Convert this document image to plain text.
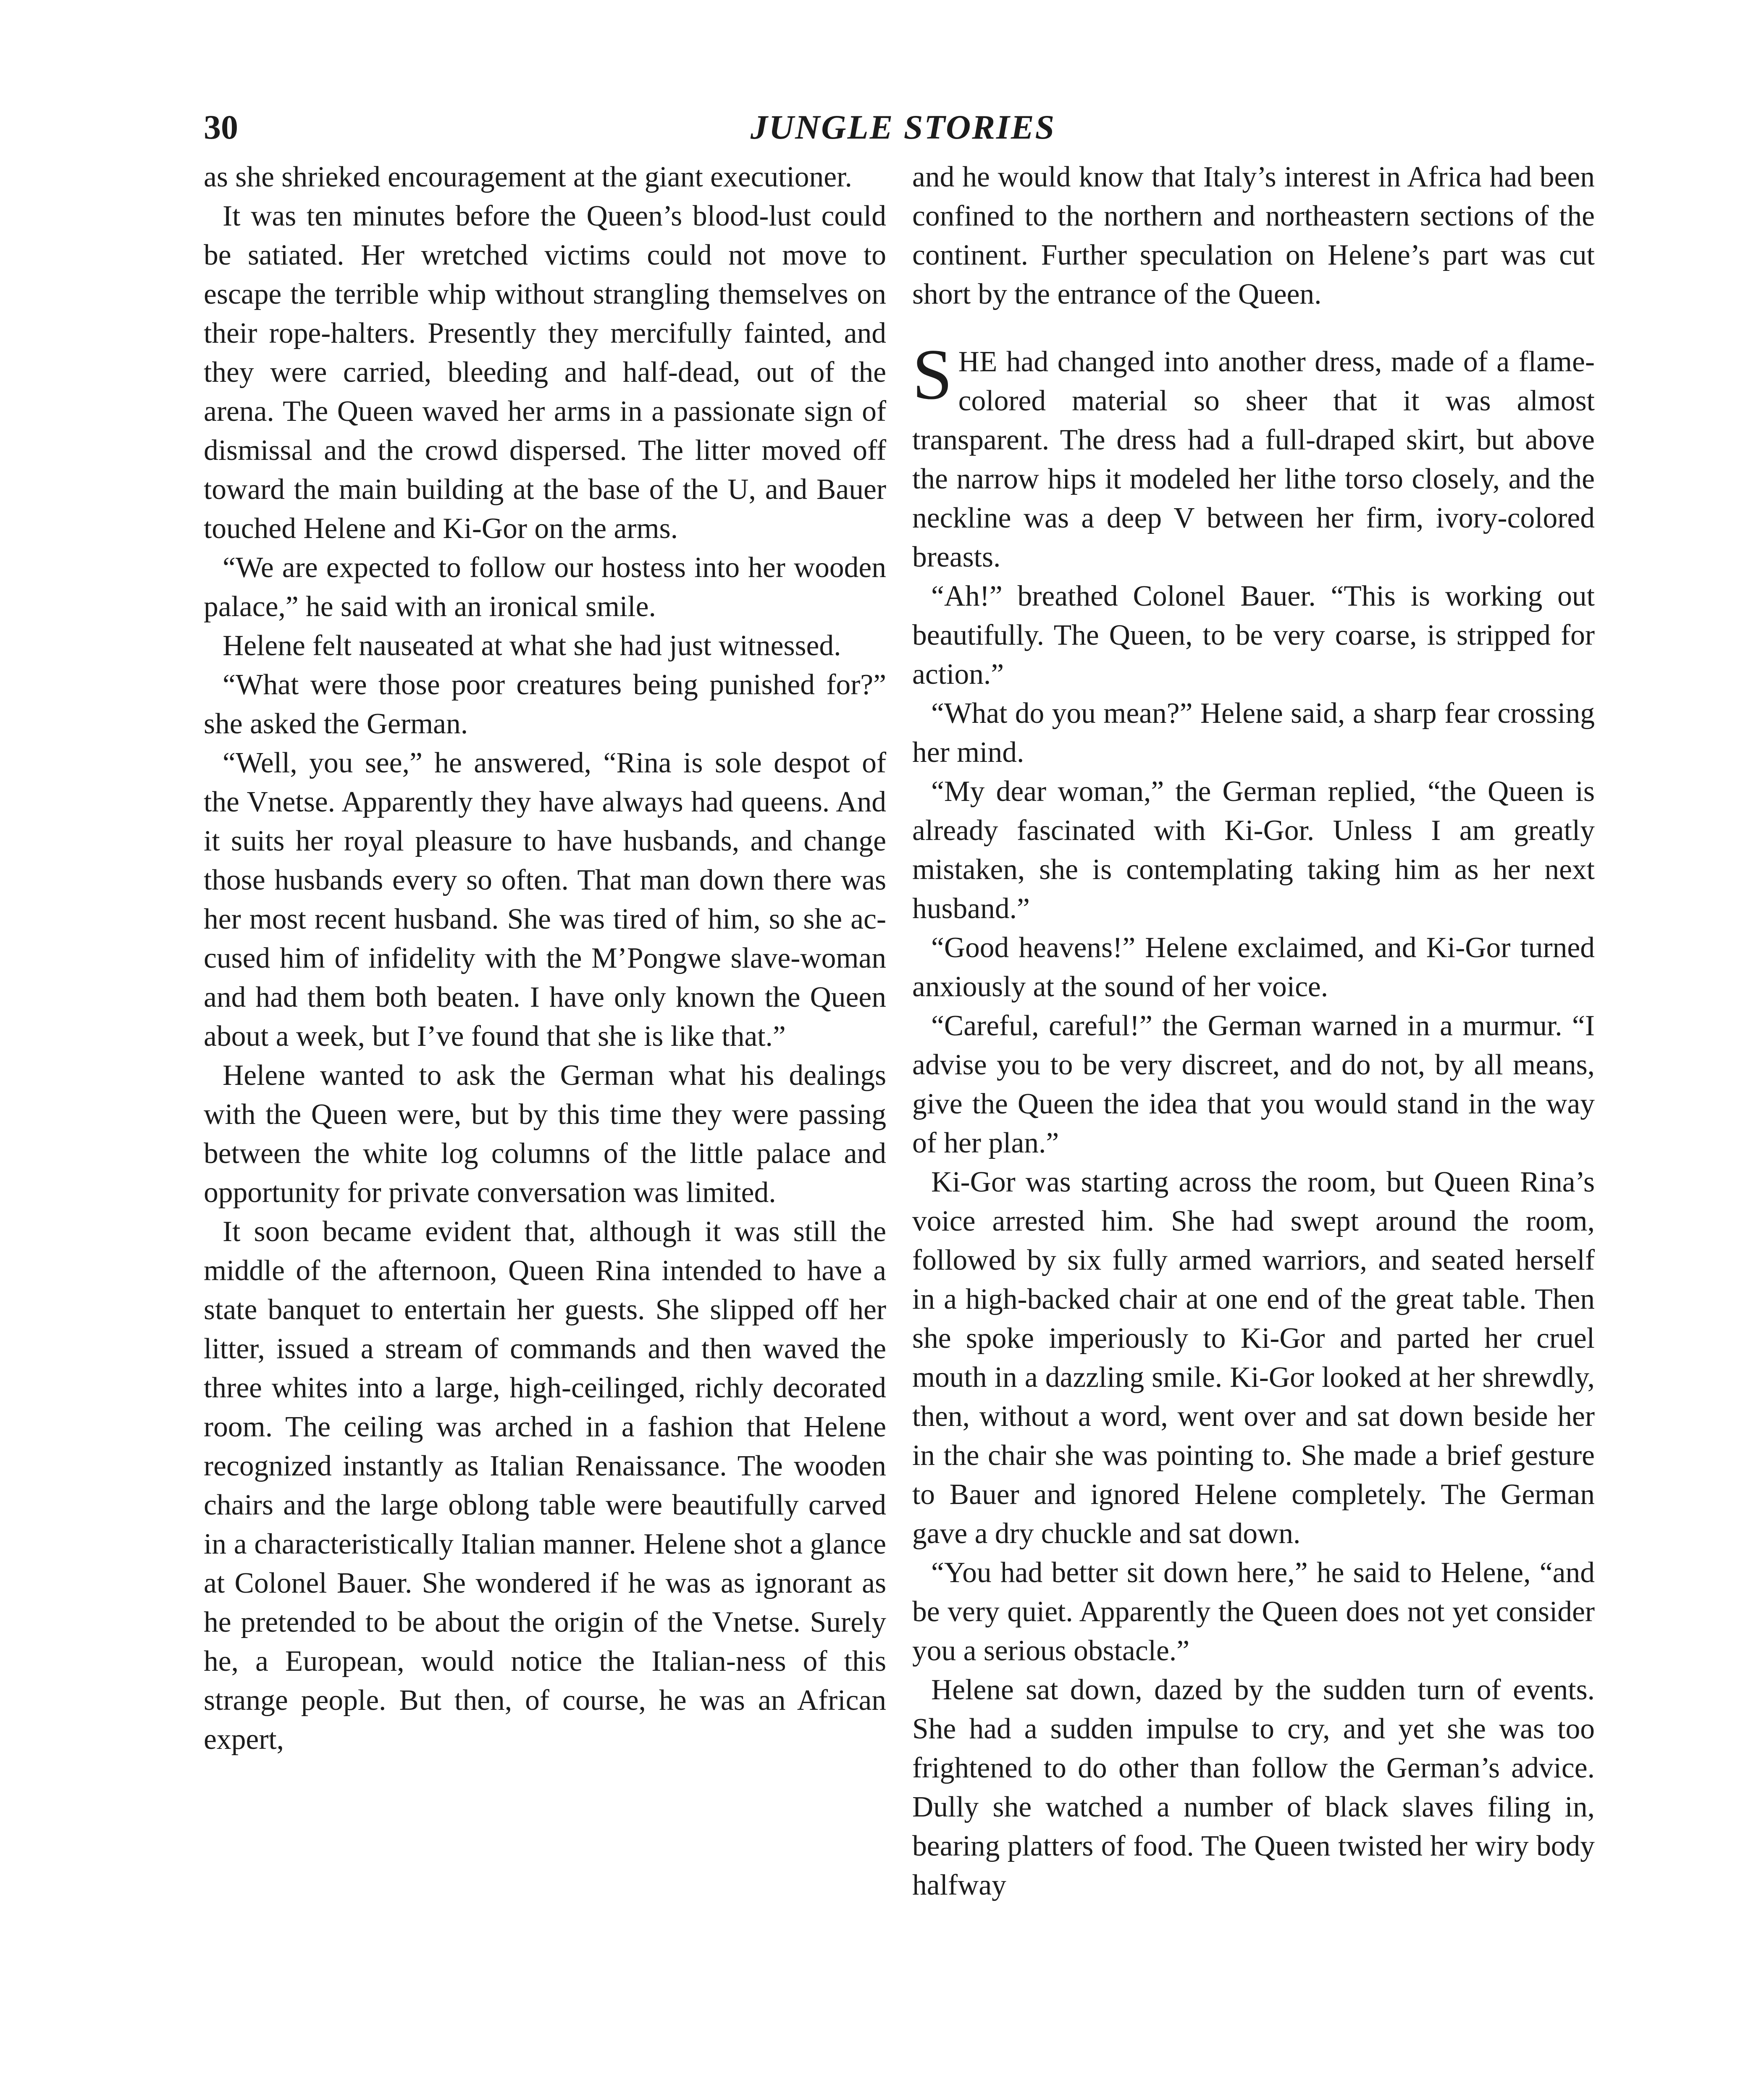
30	JUNGLE STORIES

as she shrieked encouragement at the giant executioner.

It was ten minutes before the Queen’s blood-lust could be satiated. Her wretched victims could not move to escape the terrible whip without strangling themselves on their rope-halters. Presently they mercifully fainted, and they were carried, bleeding and half-dead, out of the arena. The Queen waved her arms in a passionate sign of dismissal and the crowd dispersed. The litter moved off toward the main building at the base of the U, and Bauer touched Helene and Ki-Gor on the arms.

“We are expected to follow our hostess into her wooden palace,” he said with an ironical smile.

Helene felt nauseated at what she had just witnessed.

“What were those poor creatures being punished for?” she asked the German.

“Well, you see,” he answered, “Rina is sole despot of the Vnetse. Apparently they have always had queens. And it suits her royal pleasure to have husbands, and change those husbands every so often. That man down there was her most recent husband. She was tired of him, so she accused him of infidelity with the M’Pongwe slave-woman and had them both beaten. I have only known the Queen about a week, but I’ve found that she is like that.”

Helene wanted to ask the German what his dealings with the Queen were, but by this time they were passing between the white log columns of the little palace and opportunity for private conversation was limited.

It soon became evident that, although it was still the middle of the afternoon, Queen Rina intended to have a state banquet to entertain her guests. She slipped off her litter, issued a stream of commands and then waved the three whites into a large, high-ceilinged, richly decorated room. The ceiling was arched in a fashion that Helene recognized instantly as Italian Renaissance. The wooden chairs and the large oblong table were beautifully carved in a characteristically Italian manner. Helene shot a glance at Colonel Bauer. She wondered if he was as ignorant as he pretended to be about the origin of the Vnetse. Surely he, a European, would notice the Italian-ness of this strange people. But then, of course, he was an African expert,

and he would know that Italy’s interest in Africa had been confined to the northern and northeastern sections of the continent. Further speculation on Helene’s part was cut short by the entrance of the Queen.

SHE had changed into another dress, made of a flame-colored material so sheer that it was almost transparent. The dress had a full-draped skirt, but above the narrow hips it modeled her lithe torso closely, and the neckline was a deep V between her firm, ivory-colored breasts.

“Ah!” breathed Colonel Bauer. “This is working out beautifully. The Queen, to be very coarse, is stripped for action.”

“What do you mean?” Helene said, a sharp fear crossing her mind.

“My dear woman,” the German replied, “the Queen is already fascinated with Ki-Gor. Unless I am greatly mistaken, she is contemplating taking him as her next husband.”

“Good heavens!” Helene exclaimed, and Ki-Gor turned anxiously at the sound of her voice.

“Careful, careful!” the German warned in a murmur. “I advise you to be very discreet, and do not, by all means, give the Queen the idea that you would stand in the way of her plan.”

Ki-Gor was starting across the room, but Queen Rina’s voice arrested him. She had swept around the room, followed by six fully armed warriors, and seated herself in a high-backed chair at one end of the great table. Then she spoke imperiously to Ki-Gor and parted her cruel mouth in a dazzling smile. Ki-Gor looked at her shrewdly, then, without a word, went over and sat down beside her in the chair she was pointing to. She made a brief gesture to Bauer and ignored Helene completely. The German gave a dry chuckle and sat down.

“You had better sit down here,” he said to Helene, “and be very quiet. Apparently the Queen does not yet consider you a serious obstacle.”

Helene sat down, dazed by the sudden turn of events. She had a sudden impulse to cry, and yet she was too frightened to do other than follow the German’s advice. Dully she watched a number of black slaves filing in, bearing platters of food. The Queen twisted her wiry body halfway
